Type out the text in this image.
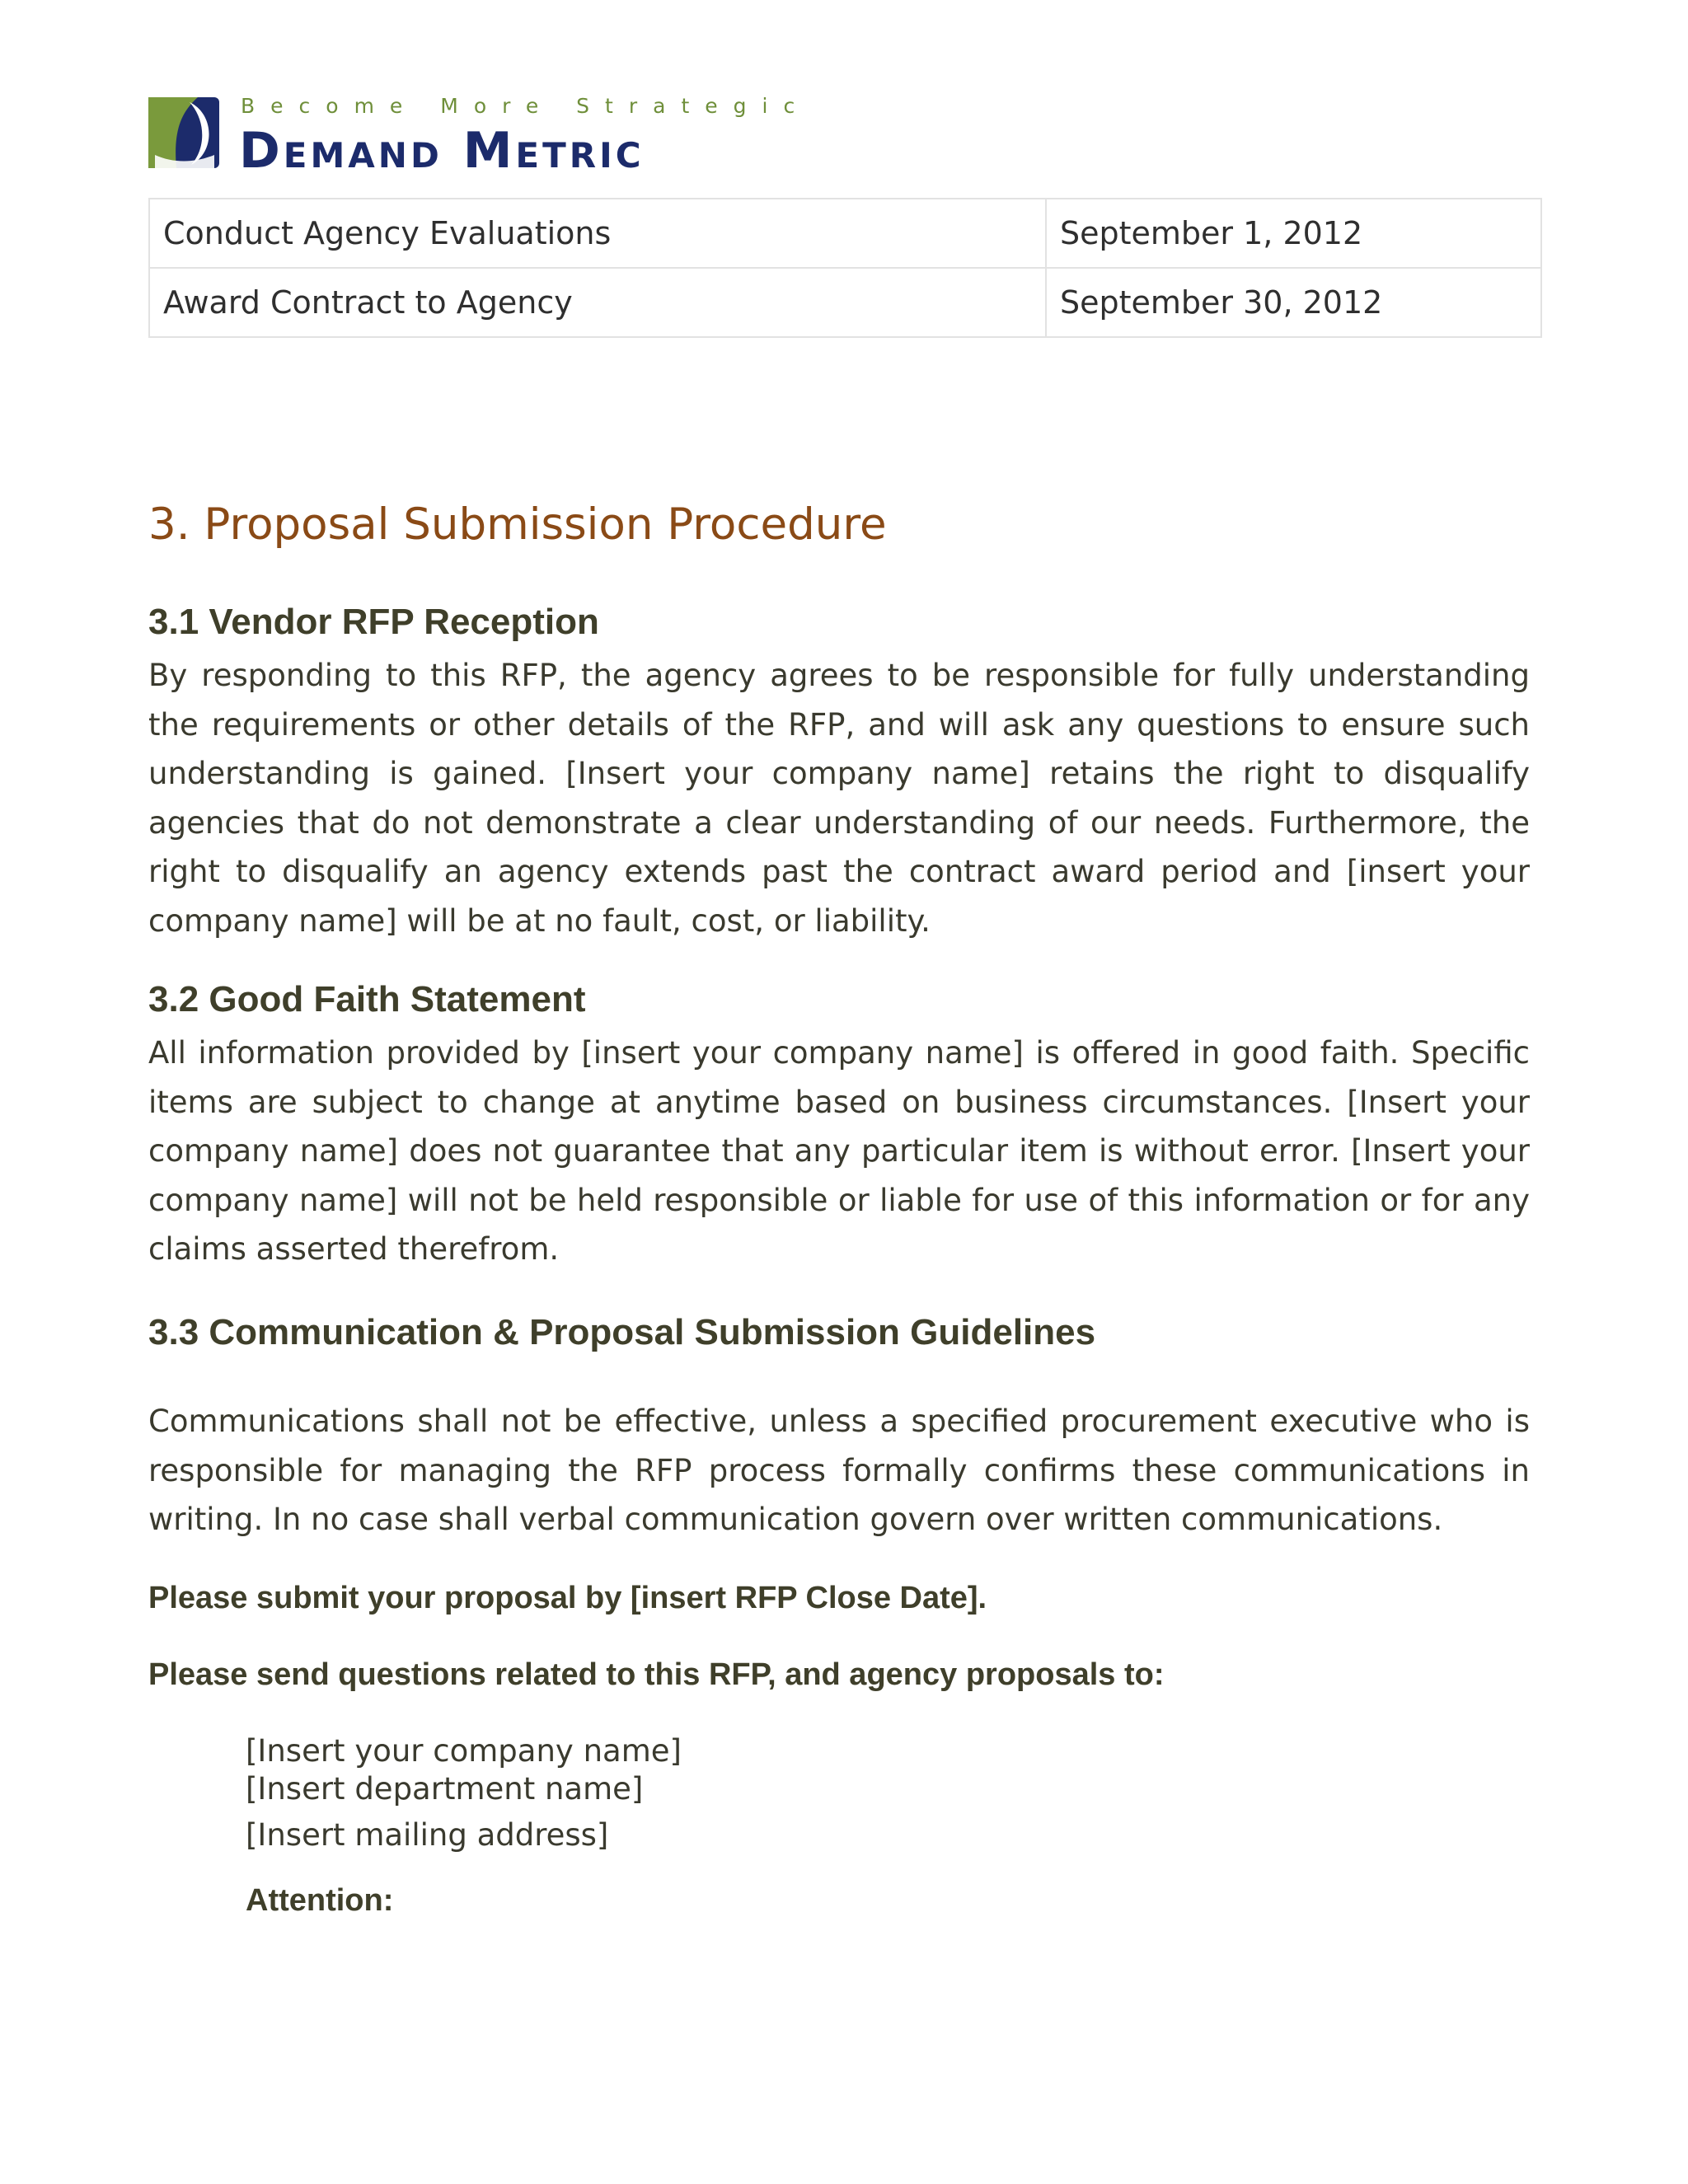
Become More Strategic
Demand Metric
Conduct Agency Evaluations	September 1, 2012
Award Contract to Agency	September 30, 2012
3. Proposal Submission Procedure
3.1 Vendor RFP Reception

By responding to this RFP, the agency agrees to be responsible for fully understanding the requirements or other details of the RFP, and will ask any questions to ensure such understanding is gained. [Insert your company name] retains the right to disqualify agencies that do not demonstrate a clear understanding of our needs. Furthermore, the right to disqualify an agency extends past the contract award period and [insert your company name] will be at no fault, cost, or liability.

3.2 Good Faith Statement

All information provided by [insert your company name] is offered in good faith. Specific items are subject to change at anytime based on business circumstances. [Insert your company name] does not guarantee that any particular item is without error. [Insert your company name] will not be held responsible or liable for use of this information or for any claims asserted therefrom.

3.3 Communication & Proposal Submission Guidelines

Communications shall not be effective, unless a specified procurement executive who is responsible for managing the RFP process formally confirms these communications in writing. In no case shall verbal communication govern over written communications.

Please submit your proposal by [insert RFP Close Date].
Please send questions related to this RFP, and agency proposals to:
[Insert your company name]
[Insert department name]
[Insert mailing address]
Attention:
